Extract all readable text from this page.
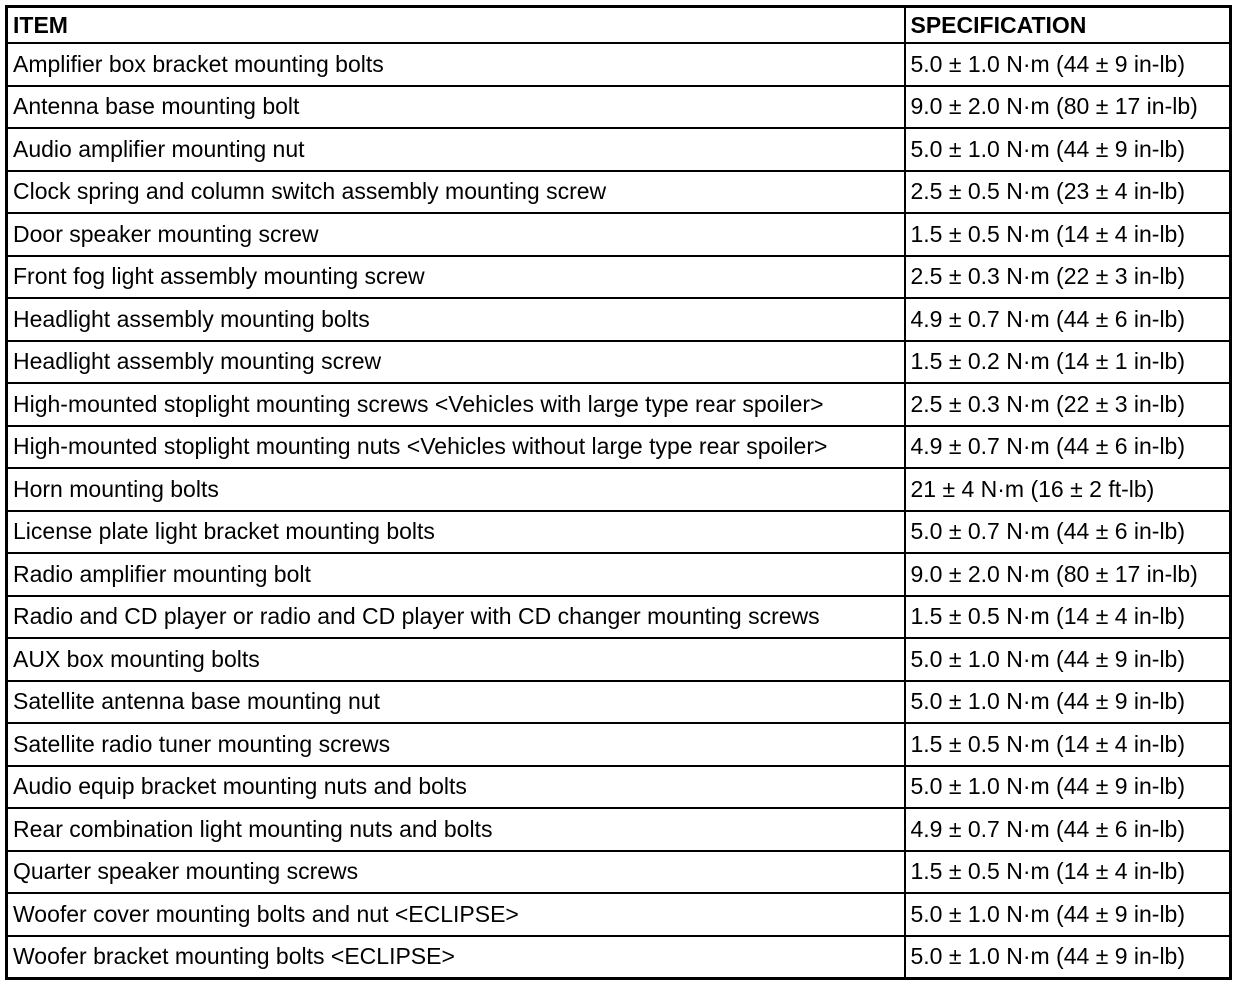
ITEM	SPECIFICATION
Amplifier box bracket mounting bolts	5.0 ± 1.0 N·m (44 ± 9 in-lb)
Antenna base mounting bolt	9.0 ± 2.0 N·m (80 ± 17 in-lb)
Audio amplifier mounting nut	5.0 ± 1.0 N·m (44 ± 9 in-lb)
Clock spring and column switch assembly mounting screw	2.5 ± 0.5 N·m (23 ± 4 in-lb)
Door speaker mounting screw	1.5 ± 0.5 N·m (14 ± 4 in-lb)
Front fog light assembly mounting screw	2.5 ± 0.3 N·m (22 ± 3 in-lb)
Headlight assembly mounting bolts	4.9 ± 0.7 N·m (44 ± 6 in-lb)
Headlight assembly mounting screw	1.5 ± 0.2 N·m (14 ± 1 in-lb)
High-mounted stoplight mounting screws <Vehicles with large type rear spoiler>	2.5 ± 0.3 N·m (22 ± 3 in-lb)
High-mounted stoplight mounting nuts <Vehicles without large type rear spoiler>	4.9 ± 0.7 N·m (44 ± 6 in-lb)
Horn mounting bolts	21 ± 4 N·m (16 ± 2 ft-lb)
License plate light bracket mounting bolts	5.0 ± 0.7 N·m (44 ± 6 in-lb)
Radio amplifier mounting bolt	9.0 ± 2.0 N·m (80 ± 17 in-lb)
Radio and CD player or radio and CD player with CD changer mounting screws	1.5 ± 0.5 N·m (14 ± 4 in-lb)
AUX box mounting bolts	5.0 ± 1.0 N·m (44 ± 9 in-lb)
Satellite antenna base mounting nut	5.0 ± 1.0 N·m (44 ± 9 in-lb)
Satellite radio tuner mounting screws	1.5 ± 0.5 N·m (14 ± 4 in-lb)
Audio equip bracket mounting nuts and bolts	5.0 ± 1.0 N·m (44 ± 9 in-lb)
Rear combination light mounting nuts and bolts	4.9 ± 0.7 N·m (44 ± 6 in-lb)
Quarter speaker mounting screws	1.5 ± 0.5 N·m (14 ± 4 in-lb)
Woofer cover mounting bolts and nut <ECLIPSE>	5.0 ± 1.0 N·m (44 ± 9 in-lb)
Woofer bracket mounting bolts <ECLIPSE>	5.0 ± 1.0 N·m (44 ± 9 in-lb)
